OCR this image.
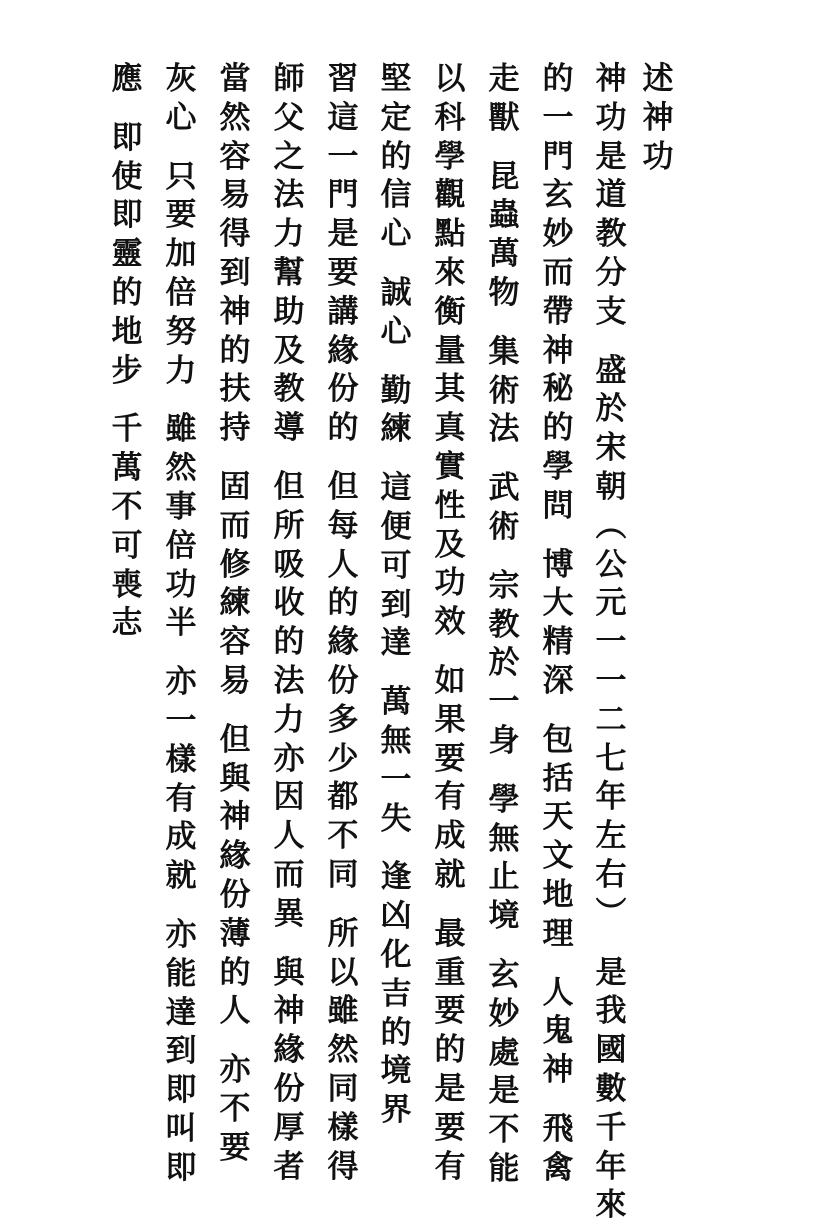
述
神
功
神
功
是
道
教
分
支

盛
於
宋
朝
︵
公
元
一
一
二
七
年
左
右
︶

是
我
國
數
千
年
來
的
一
門
玄
妙
而
帶
神
秘
的
學
問

博
大
精
深

包
括
天
文
地
理

人
鬼
神

飛
禽
走
獸

昆
蟲
萬
物

集
術
法

武
術

宗
教
於
一
身

學
無
止
境

玄
妙
處
是
不
能
以
科
學
觀
點
來
衡
量
其
真
實
性
及
功
效

如
果
要
有
成
就

最
重
要
的
是
要
有
堅
定
的
信
心

誠
心

勤
練

這
便
可
到
達

萬
無
一
失

逢
凶
化
吉
的
境
界
習
這
一
門
是
要
講
緣
份
的

但
每
人
的
緣
份
多
少
都
不
同

所
以
雖
然
同
樣
得
師
父
之
法
力
幫
助
及
教
導

但
所
吸
收
的
法
力
亦
因
人
而
異

與
神
緣
份
厚
者
當
然
容
易
得
到
神
的
扶
持

固
而
修
練
容
易

但
與
神
緣
份
薄
的
人

亦
不
要
灰
心

只
要
加
倍
努
力

雖
然
事
倍
功
半

亦
一
樣
有
成
就

亦
能
達
到
即
叫
即
應

即
使
即
靈
的
地
步

千
萬
不
可
喪
志
